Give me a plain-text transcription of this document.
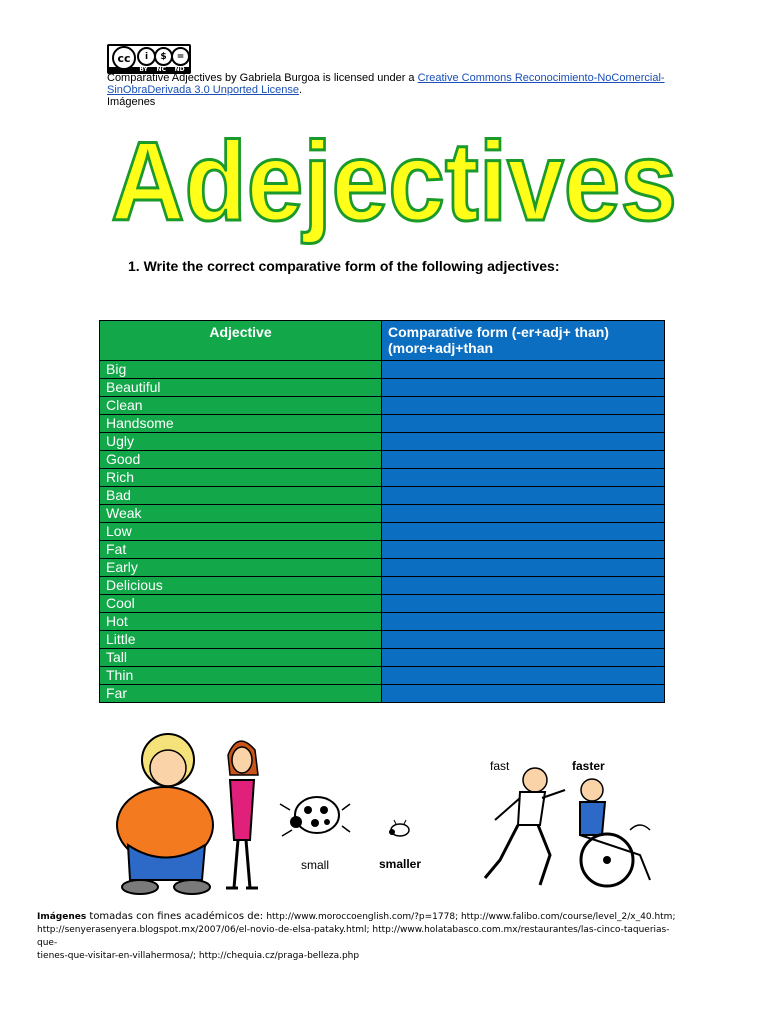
cc	i	$	=
BY NC ND
Comparative Adjectives by Gabriela Burgoa is licensed under a Creative Commons Reconocimiento-NoComercial-SinObraDerivada 3.0 Unported License.
Imágenes
Adejectives
1. Write the correct comparative form of the following adjectives:
Adjective	Comparative form (-er+adj+ than)
(more+adj+than
Big	
Beautiful	
Clean	
Handsome	
Ugly	
Good	
Rich	
Bad	
Weak	
Low	
Fat	
Early	
Delicious	
Cool	
Hot	
Little	
Tall	
Thin	
Far	
small	smaller
fast	faster
Imágenes tomadas con fines académicos de: http://www.moroccoenglish.com/?p=1778; http://www.falibo.com/course/level_2/x_40.htm;
http://senyerasenyera.blogspot.mx/2007/06/el-novio-de-elsa-pataky.html; http://www.holatabasco.com.mx/restaurantes/las-cinco-taquerias-que-
tienes-que-visitar-en-villahermosa/; http://chequia.cz/praga-belleza.php
